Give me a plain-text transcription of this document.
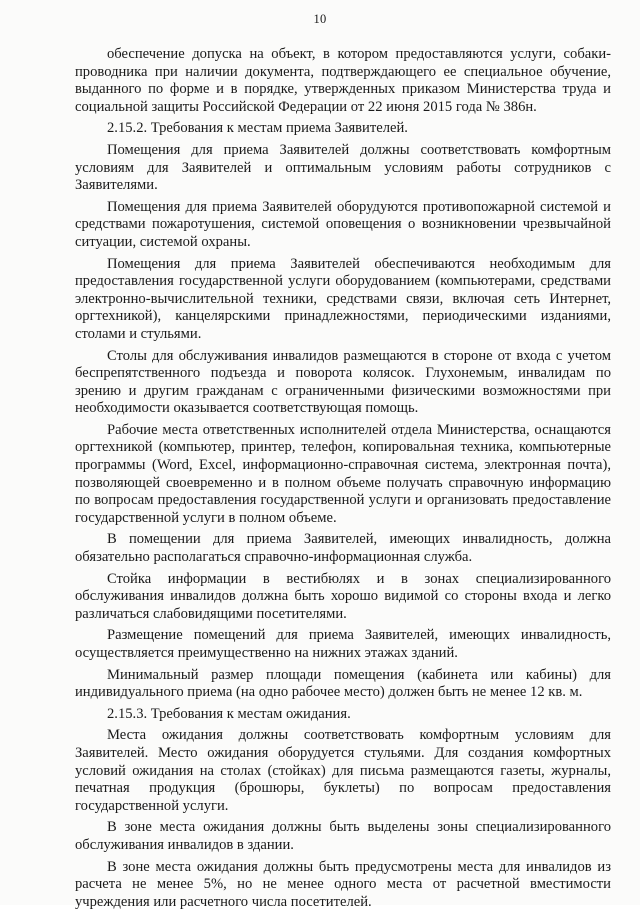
10

обеспечение допуска на объект, в котором предоставляются услуги, собаки-проводника при наличии документа, подтверждающего ее специальное обучение, выданного по форме и в порядке, утвержденных приказом Министерства труда и социальной защиты Российской Федерации от 22 июня 2015 года № 386н.

2.15.2. Требования к местам приема Заявителей.

Помещения для приема Заявителей должны соответствовать комфортным условиям для Заявителей и оптимальным условиям работы сотрудников с Заявителями.

Помещения для приема Заявителей оборудуются противопожарной системой и средствами пожаротушения, системой оповещения о возникновении чрезвычайной ситуации, системой охраны.

Помещения для приема Заявителей обеспечиваются необходимым для предоставления государственной услуги оборудованием (компьютерами, средствами электронно-вычислительной техники, средствами связи, включая сеть Интернет, оргтехникой), канцелярскими принадлежностями, периодическими изданиями, столами и стульями.

Столы для обслуживания инвалидов размещаются в стороне от входа с учетом беспрепятственного подъезда и поворота колясок. Глухонемым, инвалидам по зрению и другим гражданам с ограниченными физическими возможностями при необходимости оказывается соответствующая помощь.

Рабочие места ответственных исполнителей отдела Министерства, оснащаются оргтехникой (компьютер, принтер, телефон, копировальная техника, компьютерные программы (Word, Excel, информационно-справочная система, электронная почта), позволяющей своевременно и в полном объеме получать справочную информацию по вопросам предоставления государственной услуги и организовать предоставление государственной услуги в полном объеме.

В помещении для приема Заявителей, имеющих инвалидность, должна обязательно располагаться справочно-информационная служба.

Стойка информации в вестибюлях и в зонах специализированного обслуживания инвалидов должна быть хорошо видимой со стороны входа и легко различаться слабовидящими посетителями.

Размещение помещений для приема Заявителей, имеющих инвалидность, осуществляется преимущественно на нижних этажах зданий.

Минимальный размер площади помещения (кабинета или кабины) для индивидуального приема (на одно рабочее место) должен быть не менее 12 кв. м.

2.15.3. Требования к местам ожидания.

Места ожидания должны соответствовать комфортным условиям для Заявителей. Место ожидания оборудуется стульями. Для создания комфортных условий ожидания на столах (стойках) для письма размещаются газеты, журналы, печатная продукция (брошюры, буклеты) по вопросам предоставления государственной услуги.

В зоне места ожидания должны быть выделены зоны специализированного обслуживания инвалидов в здании.

В зоне места ожидания должны быть предусмотрены места для инвалидов из расчета не менее 5%, но не менее одного места от расчетной вместимости учреждения или расчетного числа посетителей.
